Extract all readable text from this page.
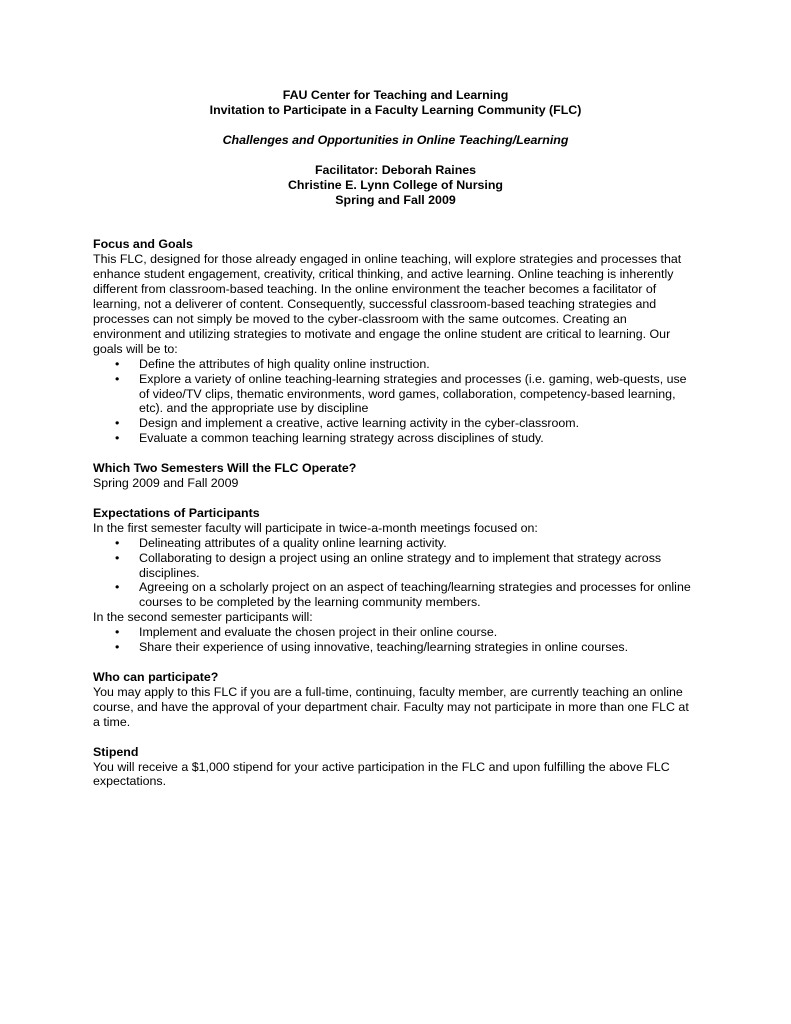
FAU Center for Teaching and Learning
Invitation to Participate in a Faculty Learning Community (FLC)
Challenges and Opportunities in Online Teaching/Learning
Facilitator: Deborah Raines
Christine E. Lynn College of Nursing
Spring and Fall 2009
Focus and Goals

This FLC, designed for those already engaged in online teaching, will explore strategies and processes that enhance student engagement, creativity, critical thinking, and active learning. Online teaching is inherently different from classroom-based teaching. In the online environment the teacher becomes a facilitator of learning, not a deliverer of content. Consequently, successful classroom-based teaching strategies and processes can not simply be moved to the cyber-classroom with the same outcomes. Creating an environment and utilizing strategies to motivate and engage the online student are critical to learning. Our goals will be to:

• Define the attributes of high quality online instruction.
• Explore a variety of online teaching-learning strategies and processes (i.e. gaming, web-quests, use of video/TV clips, thematic environments, word games, collaboration, competency-based learning, etc). and the appropriate use by discipline
• Design and implement a creative, active learning activity in the cyber-classroom.
• Evaluate a common teaching learning strategy across disciplines of study.
Which Two Semesters Will the FLC Operate?

Spring 2009 and Fall 2009

Expectations of Participants

In the first semester faculty will participate in twice-a-month meetings focused on:

• Delineating attributes of a quality online learning activity.
• Collaborating to design a project using an online strategy and to implement that strategy across disciplines.
• Agreeing on a scholarly project on an aspect of teaching/learning strategies and processes for online courses to be completed by the learning community members.

In the second semester participants will:

• Implement and evaluate the chosen project in their online course.
• Share their experience of using innovative, teaching/learning strategies in online courses.
Who can participate?

You may apply to this FLC if you are a full-time, continuing, faculty member, are currently teaching an online course, and have the approval of your department chair. Faculty may not participate in more than one FLC at a time.

Stipend

You will receive a $1,000 stipend for your active participation in the FLC and upon fulfilling the above FLC expectations.
